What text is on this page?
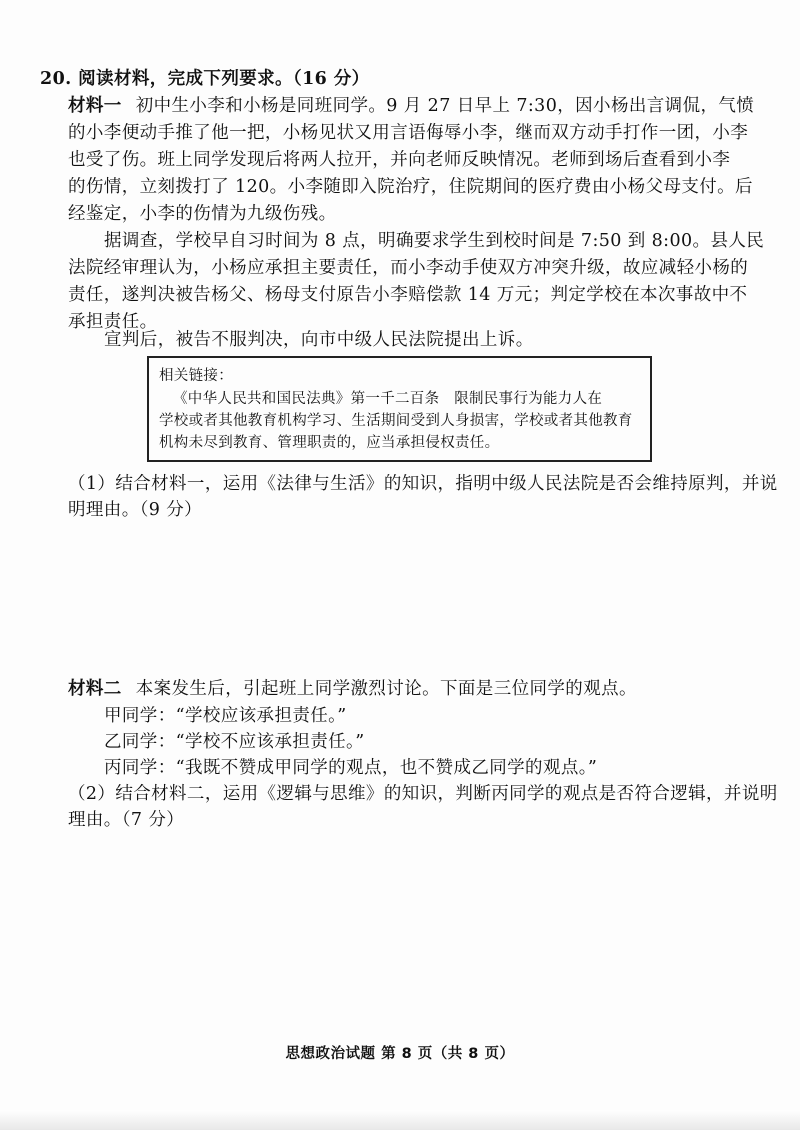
20. 阅读材料，完成下列要求。（16 分）
材料一 初中生小李和小杨是同班同学。9 月 27 日早上 7:30，因小杨出言调侃，气愤
的小李便动手推了他一把，小杨见状又用言语侮辱小李，继而双方动手打作一团，小李
也受了伤。班上同学发现后将两人拉开，并向老师反映情况。老师到场后查看到小李
的伤情，立刻拨打了 120。小李随即入院治疗，住院期间的医疗费由小杨父母支付。后
经鉴定，小李的伤情为九级伤残。
据调查，学校早自习时间为 8 点，明确要求学生到校时间是 7:50 到 8:00。县人民
法院经审理认为，小杨应承担主要责任，而小李动手使双方冲突升级，故应减轻小杨的
责任，遂判决被告杨父、杨母支付原告小李赔偿款 14 万元；判定学校在本次事故中不
承担责任。
宣判后，被告不服判决，向市中级人民法院提出上诉。
相关链接：
《中华人民共和国民法典》第一千二百条　限制民事行为能力人在
学校或者其他教育机构学习、生活期间受到人身损害，学校或者其他教育
机构未尽到教育、管理职责的，应当承担侵权责任。
（1）结合材料一，运用《法律与生活》的知识，指明中级人民法院是否会维持原判，并说
明理由。（9 分）
材料二 本案发生后，引起班上同学激烈讨论。下面是三位同学的观点。
甲同学：“学校应该承担责任。”
乙同学：“学校不应该承担责任。”
丙同学：“我既不赞成甲同学的观点，也不赞成乙同学的观点。”
（2）结合材料二，运用《逻辑与思维》的知识，判断丙同学的观点是否符合逻辑，并说明
理由。（7 分）
思想政治试题 第 8 页（共 8 页）
